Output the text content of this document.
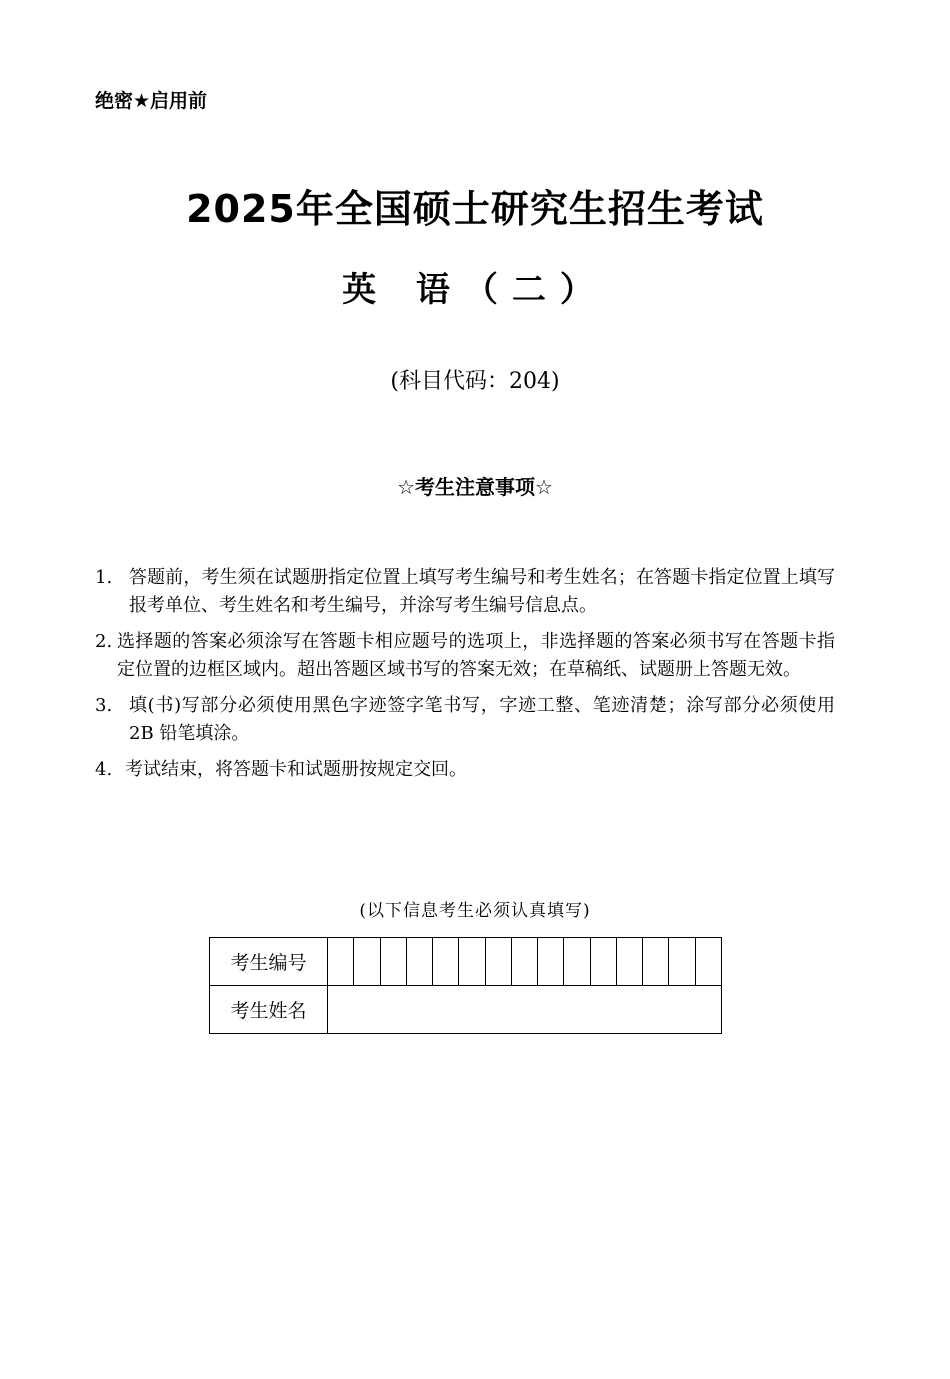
绝密★启用前

2025年全国硕士研究生招生考试
英 语（二）

(科目代码：204)

☆考生注意事项☆
1. 答题前，考生须在试题册指定位置上填写考生编号和考生姓名；在答题卡指定位置上填写报考单位、考生姓名和考生编号，并涂写考生编号信息点。
2. 选择题的答案必须涂写在答题卡相应题号的选项上，非选择题的答案必须书写在答题卡指定位置的边框区域内。超出答题区域书写的答案无效；在草稿纸、试题册上答题无效。
3. 填(书)写部分必须使用黑色字迹签字笔书写，字迹工整、笔迹清楚；涂写部分必须使用 2B 铅笔填涂。
4. 考试结束，将答题卡和试题册按规定交回。
(以下信息考生必须认真填写)
考生编号															
考生姓名															
